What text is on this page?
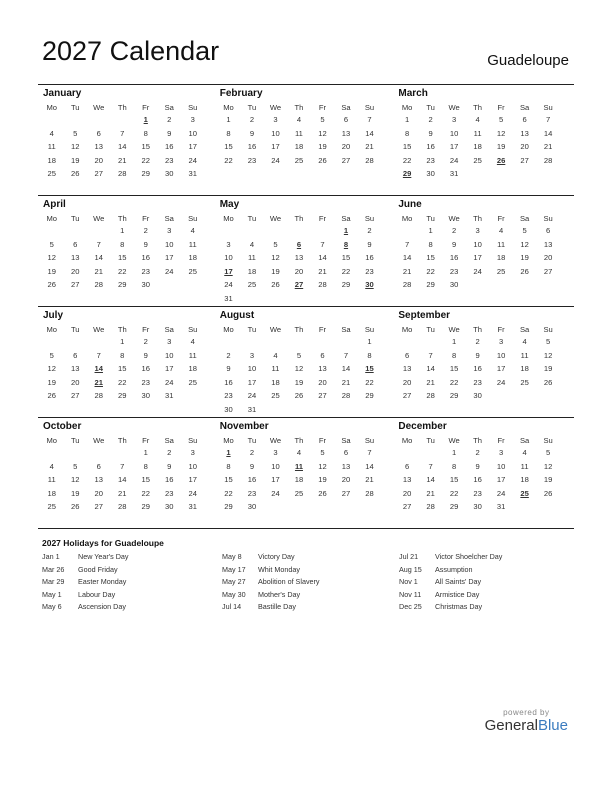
2027 Calendar	Guadeloupe
January
Mo	Tu	We	Th	Fr	Sa	Su
				1	2	3
4	5	6	7	8	9	10
11	12	13	14	15	16	17
18	19	20	21	22	23	24
25	26	27	28	29	30	31
February
Mo	Tu	We	Th	Fr	Sa	Su
1	2	3	4	5	6	7
8	9	10	11	12	13	14
15	16	17	18	19	20	21
22	23	24	25	26	27	28
March
Mo	Tu	We	Th	Fr	Sa	Su
1	2	3	4	5	6	7
8	9	10	11	12	13	14
15	16	17	18	19	20	21
22	23	24	25	26	27	28
29	30	31				
April
Mo	Tu	We	Th	Fr	Sa	Su
			1	2	3	4
5	6	7	8	9	10	11
12	13	14	15	16	17	18
19	20	21	22	23	24	25
26	27	28	29	30		
May
Mo	Tu	We	Th	Fr	Sa	Su
					1	2
3	4	5	6	7	8	9
10	11	12	13	14	15	16
17	18	19	20	21	22	23
24	25	26	27	28	29	30
31						
June
Mo	Tu	We	Th	Fr	Sa	Su
	1	2	3	4	5	6
7	8	9	10	11	12	13
14	15	16	17	18	19	20
21	22	23	24	25	26	27
28	29	30				
July
Mo	Tu	We	Th	Fr	Sa	Su
			1	2	3	4
5	6	7	8	9	10	11
12	13	14	15	16	17	18
19	20	21	22	23	24	25
26	27	28	29	30	31	
August
Mo	Tu	We	Th	Fr	Sa	Su
						1
2	3	4	5	6	7	8
9	10	11	12	13	14	15
16	17	18	19	20	21	22
23	24	25	26	27	28	29
30	31					
September
Mo	Tu	We	Th	Fr	Sa	Su
		1	2	3	4	5
6	7	8	9	10	11	12
13	14	15	16	17	18	19
20	21	22	23	24	25	26
27	28	29	30			
October
Mo	Tu	We	Th	Fr	Sa	Su
				1	2	3
4	5	6	7	8	9	10
11	12	13	14	15	16	17
18	19	20	21	22	23	24
25	26	27	28	29	30	31
November
Mo	Tu	We	Th	Fr	Sa	Su
1	2	3	4	5	6	7
8	9	10	11	12	13	14
15	16	17	18	19	20	21
22	23	24	25	26	27	28
29	30					
December
Mo	Tu	We	Th	Fr	Sa	Su
		1	2	3	4	5
6	7	8	9	10	11	12
13	14	15	16	17	18	19
20	21	22	23	24	25	26
27	28	29	30	31		
2027 Holidays for Guadeloupe
Jan 1	New Year's Day
Mar 26 Good Friday
Mar 29 Easter Monday
May 1 Labour Day
May 6 Ascension Day
May 8 Victory Day
May 17 Whit Monday
May 27 Abolition of Slavery
May 30 Mother's Day
Jul 14 Bastille Day
Jul 21 Victor Shoelcher Day
Aug 15 Assumption
Nov 1 All Saints' Day
Nov 11 Armistice Day
Dec 25 Christmas Day
powered by
GeneralBlue
